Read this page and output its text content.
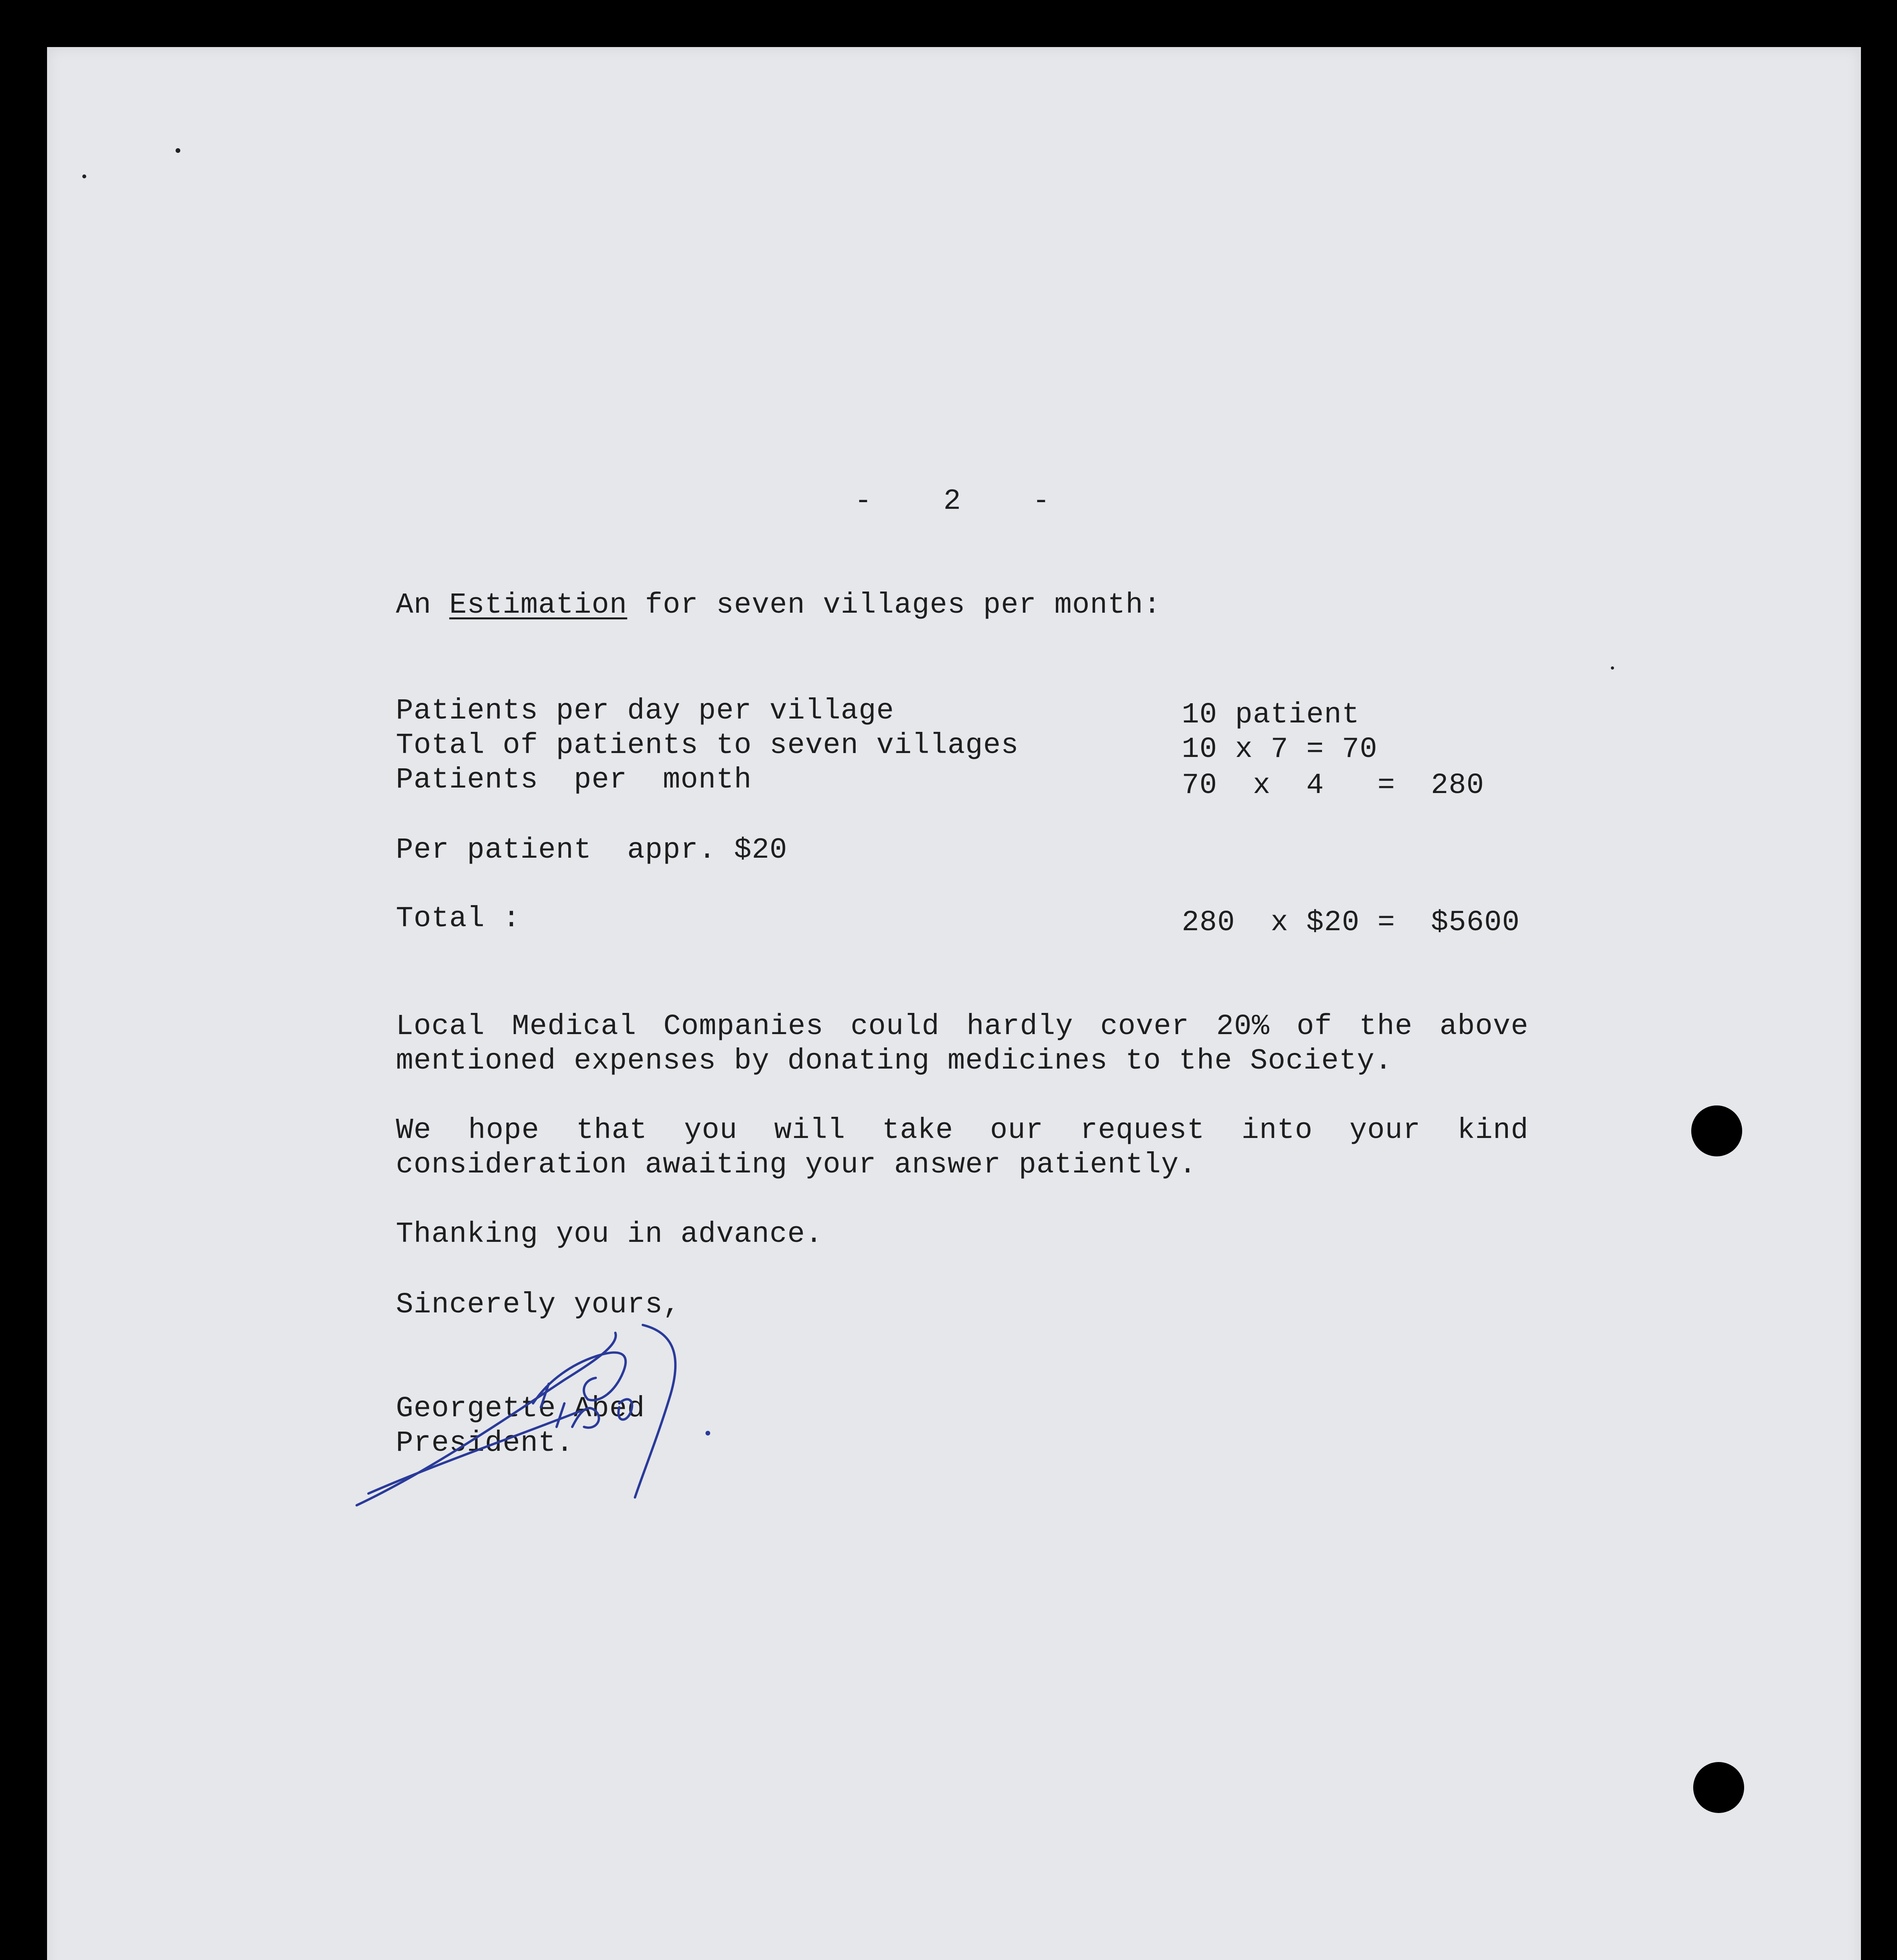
-    2    -
An Estimation for seven villages per month:
Patients per day per village	10 patient
Total of patients to seven villages	10 x 7 = 70
Patients  per  month	70  x  4   =  280
Per patient  appr. $20
Total :	280  x $20 =  $5600
Local Medical Companies could hardly cover 20% of the above
mentioned expenses by donating medicines to the Society.
We hope that you will take our request into your kind
consideration awaiting your answer patiently.
Thanking you in advance.
Sincerely yours,
Georgette Abed
President.
